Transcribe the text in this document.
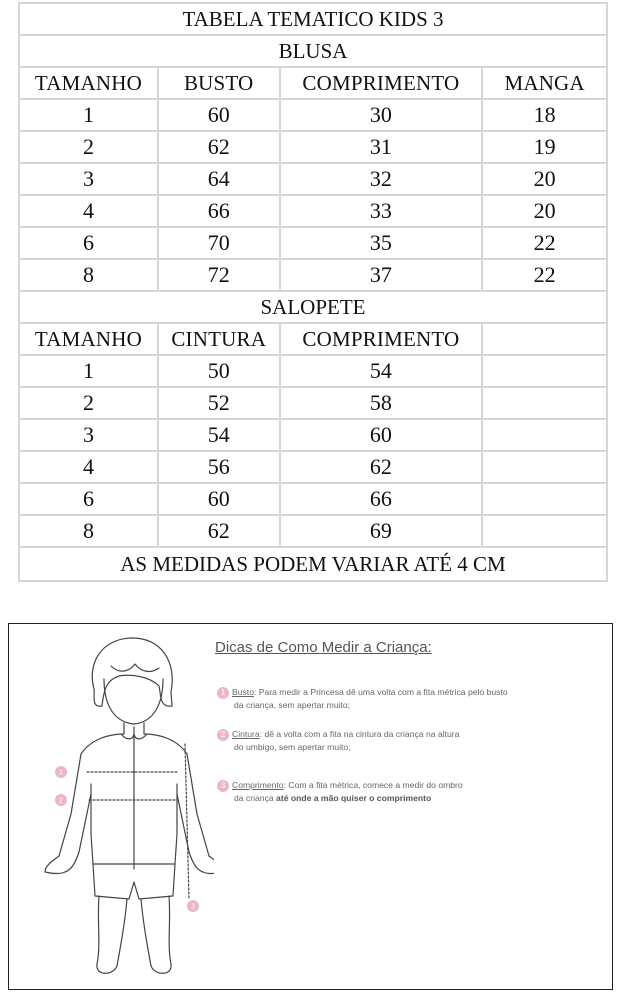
TABELA TEMATICO KIDS 3			
BLUSA			
TAMANHO	BUSTO	COMPRIMENTO	MANGA
1	60	30	18
2	62	31	19
3	64	32	20
4	66	33	20
6	70	35	22
8	72	37	22
SALOPETE			
TAMANHO	CINTURA	COMPRIMENTO	
1	50	54	
2	52	58	
3	54	60	
4	56	62	
6	60	66	
8	62	69	
AS MEDIDAS PODEM VARIAR ATÉ 4 CM			
1
2
3
Dicas de Como Medir a Criança:
1 Busto: Para medir a Princesa dê uma volta com a fita métrica pelo busto
da criança, sem apertar muito;
2 Cintura: dê a volta com a fita na cintura da criança na altura
do umbigo, sem apertar muito;
3 Comprimento: Com a fita métrica, comece a medir do ombro
da criança até onde a mão quiser o comprimento
